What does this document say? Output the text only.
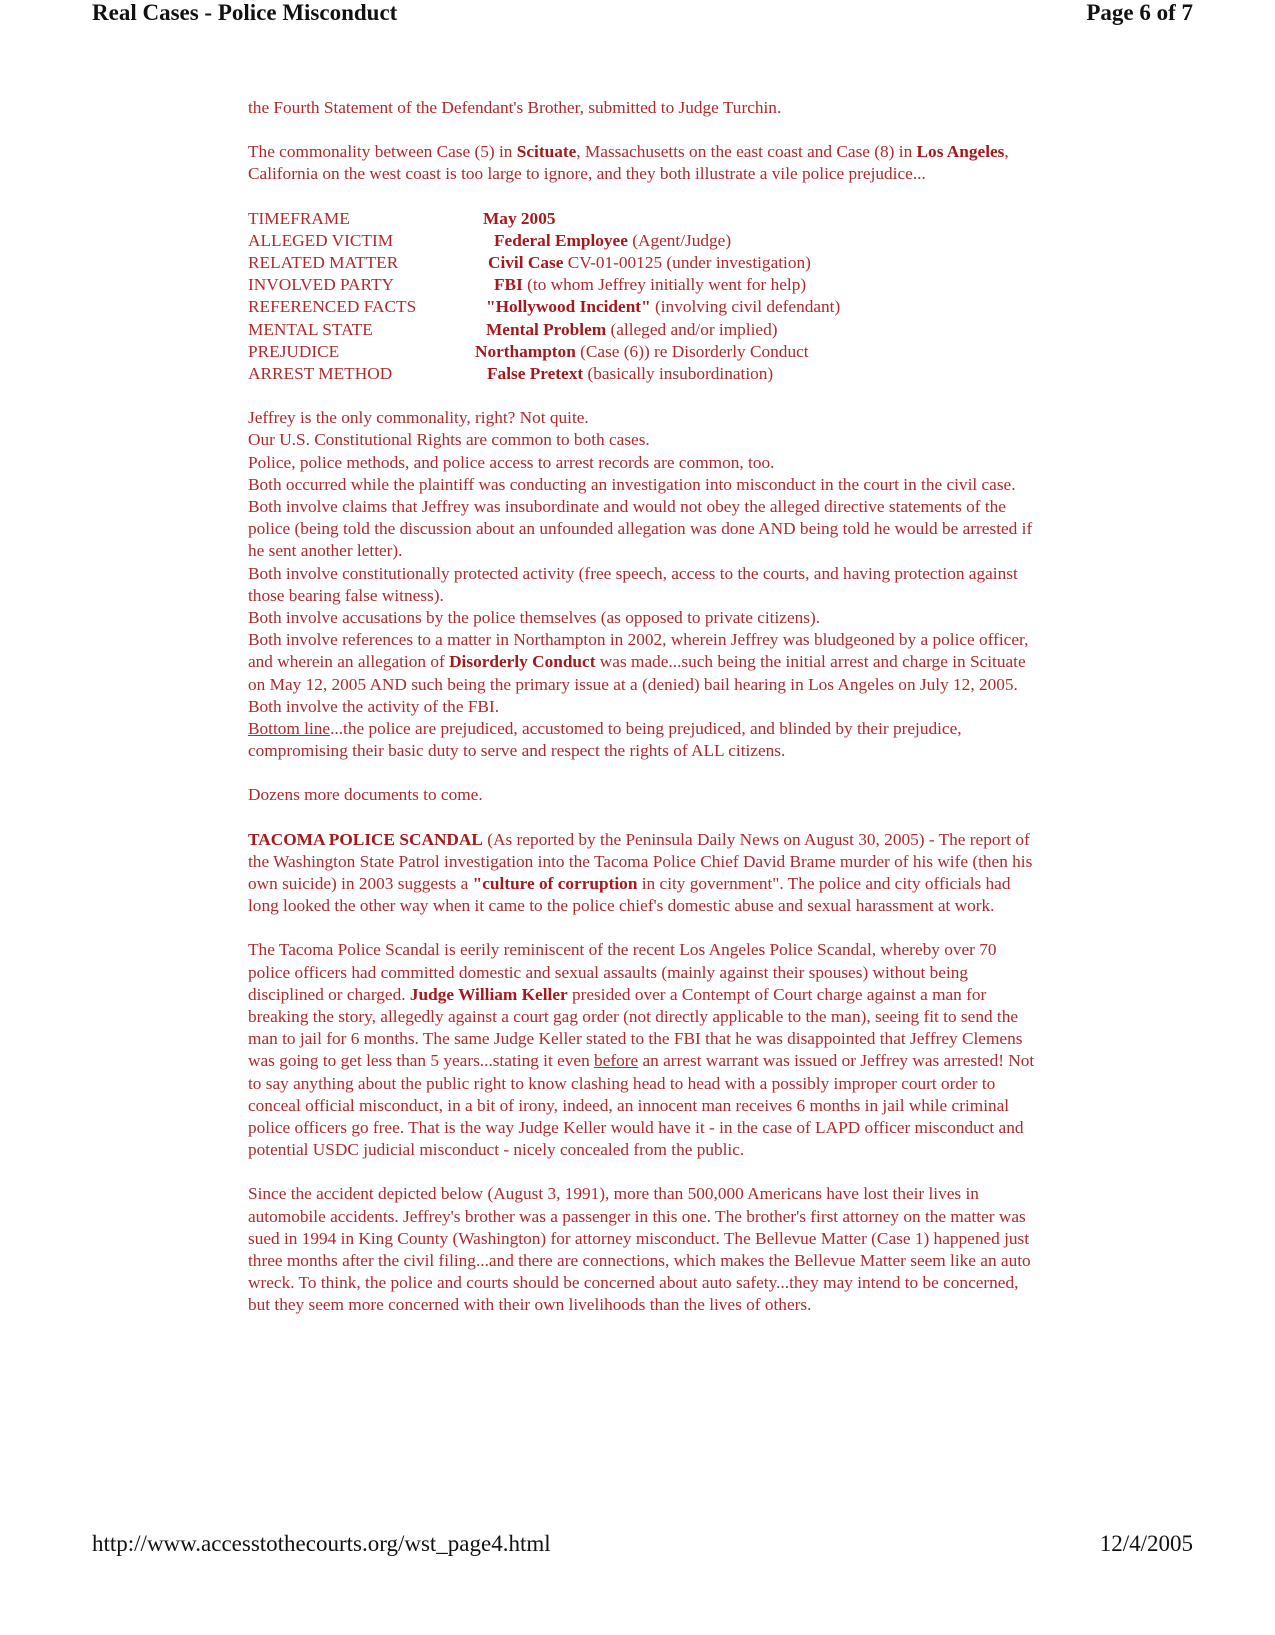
Real Cases - Police Misconduct	Page 6 of 7

the Fourth Statement of the Defendant's Brother, submitted to Judge Turchin.

The commonality between Case (5) in Scituate, Massachusetts on the east coast and Case (8) in Los Angeles, California on the west coast is too large to ignore, and they both illustrate a vile police prejudice...

TIMEFRAME	May 2005
ALLEGED VICTIM	Federal Employee (Agent/Judge)
RELATED MATTER	Civil Case CV-01-00125 (under investigation)
INVOLVED PARTY	FBI (to whom Jeffrey initially went for help)
REFERENCED FACTS	"Hollywood Incident" (involving civil defendant)
MENTAL STATE	Mental Problem (alleged and/or implied)
PREJUDICE	Northampton (Case (6)) re Disorderly Conduct
ARREST METHOD	False Pretext (basically insubordination)

Jeffrey is the only commonality, right? Not quite.
Our U.S. Constitutional Rights are common to both cases.
Police, police methods, and police access to arrest records are common, too.
Both occurred while the plaintiff was conducting an investigation into misconduct in the court in the civil case.
Both involve claims that Jeffrey was insubordinate and would not obey the alleged directive statements of the police (being told the discussion about an unfounded allegation was done AND being told he would be arrested if he sent another letter).
Both involve constitutionally protected activity (free speech, access to the courts, and having protection against those bearing false witness).
Both involve accusations by the police themselves (as opposed to private citizens).
Both involve references to a matter in Northampton in 2002, wherein Jeffrey was bludgeoned by a police officer, and wherein an allegation of Disorderly Conduct was made...such being the initial arrest and charge in Scituate on May 12, 2005 AND such being the primary issue at a (denied) bail hearing in Los Angeles on July 12, 2005.
Both involve the activity of the FBI.
Bottom line...the police are prejudiced, accustomed to being prejudiced, and blinded by their prejudice, compromising their basic duty to serve and respect the rights of ALL citizens.

Dozens more documents to come.

TACOMA POLICE SCANDAL (As reported by the Peninsula Daily News on August 30, 2005) - The report of the Washington State Patrol investigation into the Tacoma Police Chief David Brame murder of his wife (then his own suicide) in 2003 suggests a "culture of corruption in city government". The police and city officials had long looked the other way when it came to the police chief's domestic abuse and sexual harassment at work.

The Tacoma Police Scandal is eerily reminiscent of the recent Los Angeles Police Scandal, whereby over 70 police officers had committed domestic and sexual assaults (mainly against their spouses) without being disciplined or charged. Judge William Keller presided over a Contempt of Court charge against a man for breaking the story, allegedly against a court gag order (not directly applicable to the man), seeing fit to send the man to jail for 6 months. The same Judge Keller stated to the FBI that he was disappointed that Jeffrey Clemens was going to get less than 5 years...stating it even before an arrest warrant was issued or Jeffrey was arrested! Not to say anything about the public right to know clashing head to head with a possibly improper court order to conceal official misconduct, in a bit of irony, indeed, an innocent man receives 6 months in jail while criminal police officers go free. That is the way Judge Keller would have it - in the case of LAPD officer misconduct and potential USDC judicial misconduct - nicely concealed from the public.

Since the accident depicted below (August 3, 1991), more than 500,000 Americans have lost their lives in automobile accidents. Jeffrey's brother was a passenger in this one. The brother's first attorney on the matter was sued in 1994 in King County (Washington) for attorney misconduct. The Bellevue Matter (Case 1) happened just three months after the civil filing...and there are connections, which makes the Bellevue Matter seem like an auto wreck. To think, the police and courts should be concerned about auto safety...they may intend to be concerned, but they seem more concerned with their own livelihoods than the lives of others.

http://www.accesstothecourts.org/wst_page4.html	12/4/2005
